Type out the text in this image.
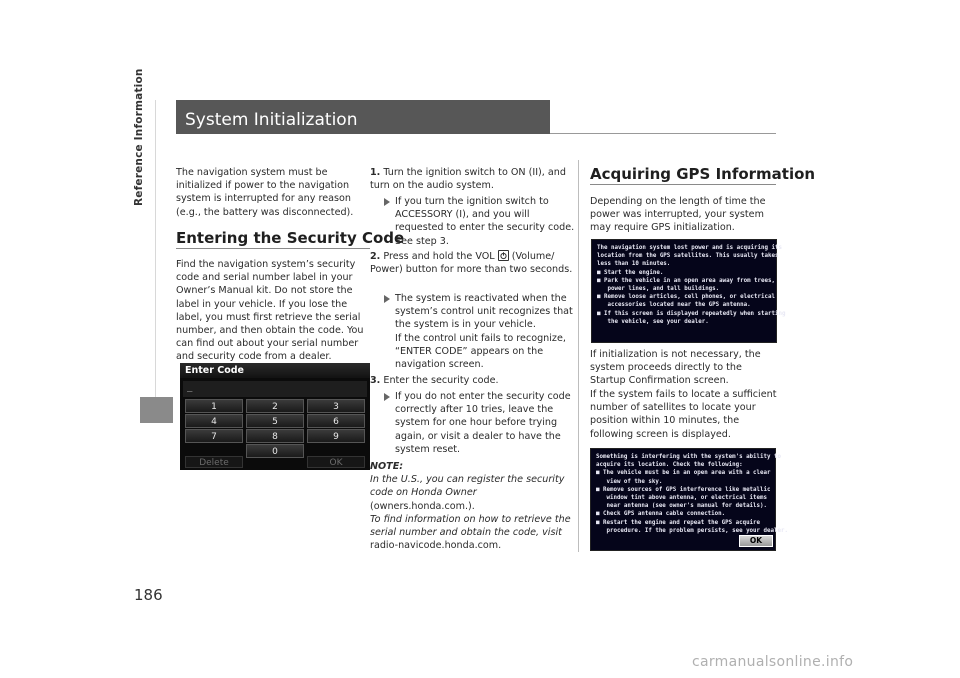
Reference Information System Initialization
The navigation system must be initialized if power to the navigation system is interrupted for any reason (e.g., the battery was disconnected).
Entering the Security Code
Find the navigation system’s security code and serial number label in your Owner’s Manual kit. Do not store the label in your vehicle. If you lose the label, you must first retrieve the serial number, and then obtain the code. You can find out about your serial number and security code from a dealer.
Enter Code
_
1	2	3
4	5	6
7	8	9
0
Delete	OK
1. Turn the ignition switch to ON (II), and turn on the audio system.
If you turn the ignition switch to ACCESSORY (I), and you will requested to enter the security code. See step 3.
2. Press and hold the VOL  (Volume/ Power) button for more than two seconds.
The system is reactivated when the system’s control unit recognizes that the system is in your vehicle.
If the control unit fails to recognize, “ENTER CODE” appears on the navigation screen.
3. Enter the security code.
If you do not enter the security code correctly after 10 tries, leave the system for one hour before trying again, or visit a dealer to have the system reset.
NOTE:
In the U.S., you can register the security code on Honda Owner
(owners.honda.com.).
To find information on how to retrieve the serial number and obtain the code, visit
radio-navicode.honda.com.
Acquiring GPS Information
Depending on the length of time the power was interrupted, your system may require GPS initialization.
The navigation system lost power and is acquiring its
location from the GPS satellites. This usually takes
less than 10 minutes.
■ Start the engine.
■ Park the vehicle in an open area away from trees,
power lines, and tall buildings.
■ Remove loose articles, cell phones, or electrical
accessories located near the GPS antenna.
■ If this screen is displayed repeatedly when starting
the vehicle, see your dealer.
If initialization is not necessary, the system proceeds directly to the Startup Confirmation screen.
If the system fails to locate a sufficient number of satellites to locate your position within 10 minutes, the following screen is displayed.
Something is interfering with the system's ability to
acquire its location. Check the following:
■ The vehicle must be in an open area with a clear
view of the sky.
■ Remove sources of GPS interference like metallic
window tint above antenna, or electrical items
near antenna (see owner's manual for details).
■ Check GPS antenna cable connection.
■ Restart the engine and repeat the GPS acquire
procedure. If the problem persists, see your dealer.
OK
186
carmanualsonline.info
